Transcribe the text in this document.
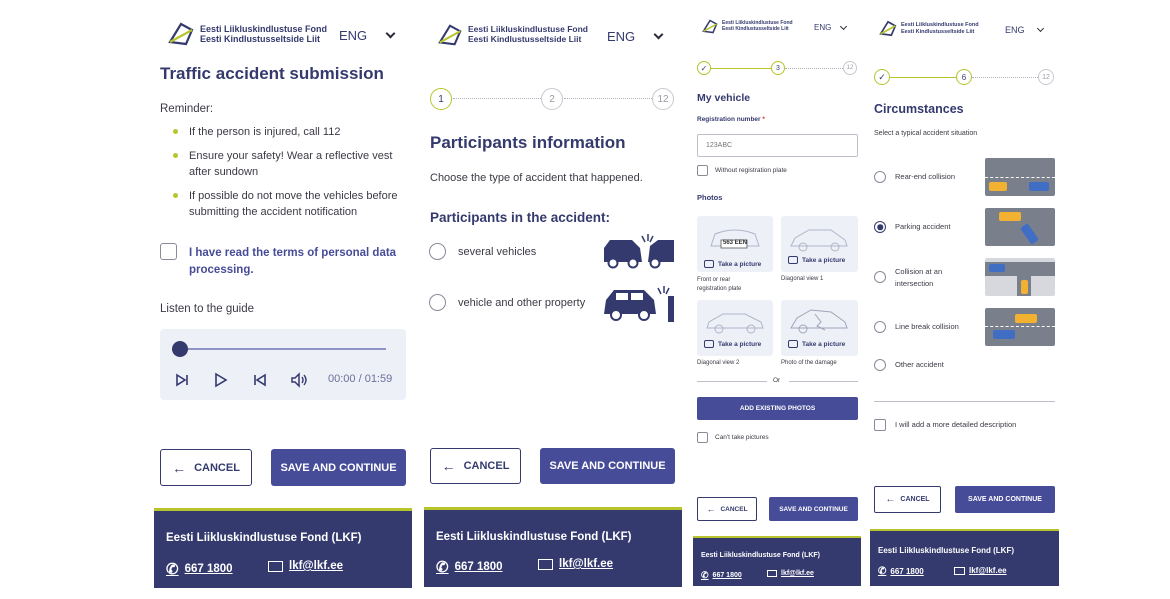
Eesti Liikluskindlustuse Fond
Eesti Kindlustusseltside Liit	ENG
Traffic accident submission
Reminder:
If the person is injured, call 112
Ensure your safety! Wear a reflective vest
after sundown
If possible do not move the vehicles before
submitting the accident notification
I have read the terms of personal data
processing.
Listen to the guide
00:00 / 01:59
← CANCEL	SAVE AND CONTINUE
Eesti Liikluskindlustuse Fond (LKF)
✆ 667 1800	lkf@lkf.ee
Eesti Liikluskindlustuse Fond
Eesti Kindlustusseltside Liit	ENG
1	2	12
Participants information
Choose the type of accident that happened.
Participants in the accident:
several vehicles
vehicle and other property
← CANCEL	SAVE AND CONTINUE
Eesti Liikluskindlustuse Fond (LKF)
✆ 667 1800	lkf@lkf.ee
Eesti Liikluskindlustuse Fond
Eesti Kindlustusseltside Liit	ENG
✓	3	12
My vehicle
Registration number *
123ABC
Without registration plate
Photos
563 EEN
Take a picture
Front or rear
registration plate
Take a picture
Diagonal view 1
Take a picture
Diagonal view 2
Take a picture
Photo of the damage
Or
ADD EXISTING PHOTOS
Can't take pictures
← CANCEL	SAVE AND CONTINUE
Eesti Liikluskindlustuse Fond (LKF)
✆ 667 1800	lkf@lkf.ee
Eesti Liikluskindlustuse Fond
Eesti Kindlustusseltside Liit	ENG
✓	6	12
Circumstances
Select a typical accident situation
Rear-end collision
Parking accident
Collision at an
intersection
Line break collision
Other accident
I will add a more detailed description
← CANCEL	SAVE AND CONTINUE
Eesti Liikluskindlustuse Fond (LKF)
✆ 667 1800	lkf@lkf.ee
